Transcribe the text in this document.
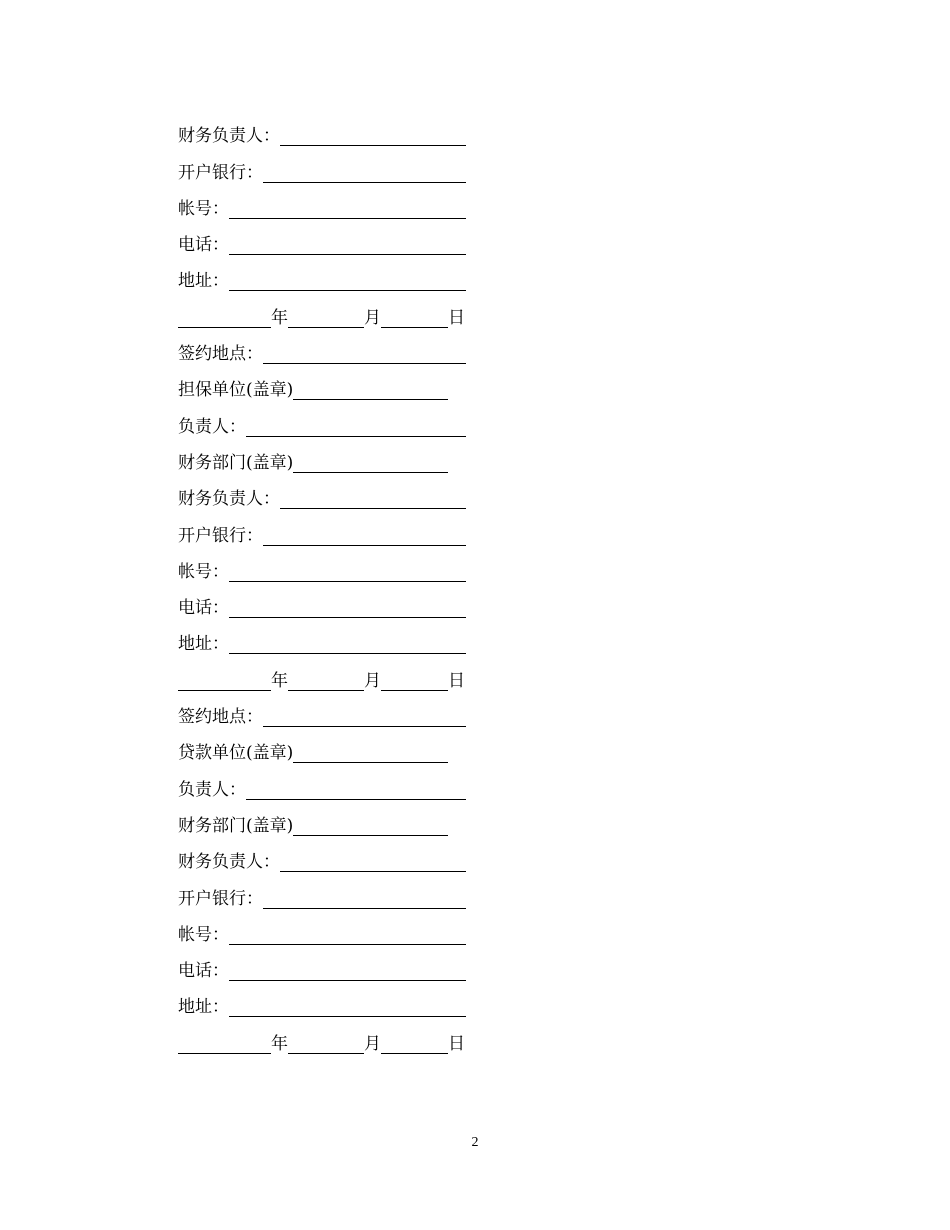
财务负责人：
开户银行：
帐号：
电话：
地址：
年	月	日
签约地点：
担保单位(盖章)
负责人：
财务部门(盖章)
财务负责人：
开户银行：
帐号：
电话：
地址：
年	月	日
签约地点：
贷款单位(盖章)
负责人：
财务部门(盖章)
财务负责人：
开户银行：
帐号：
电话：
地址：
年	月	日
2
